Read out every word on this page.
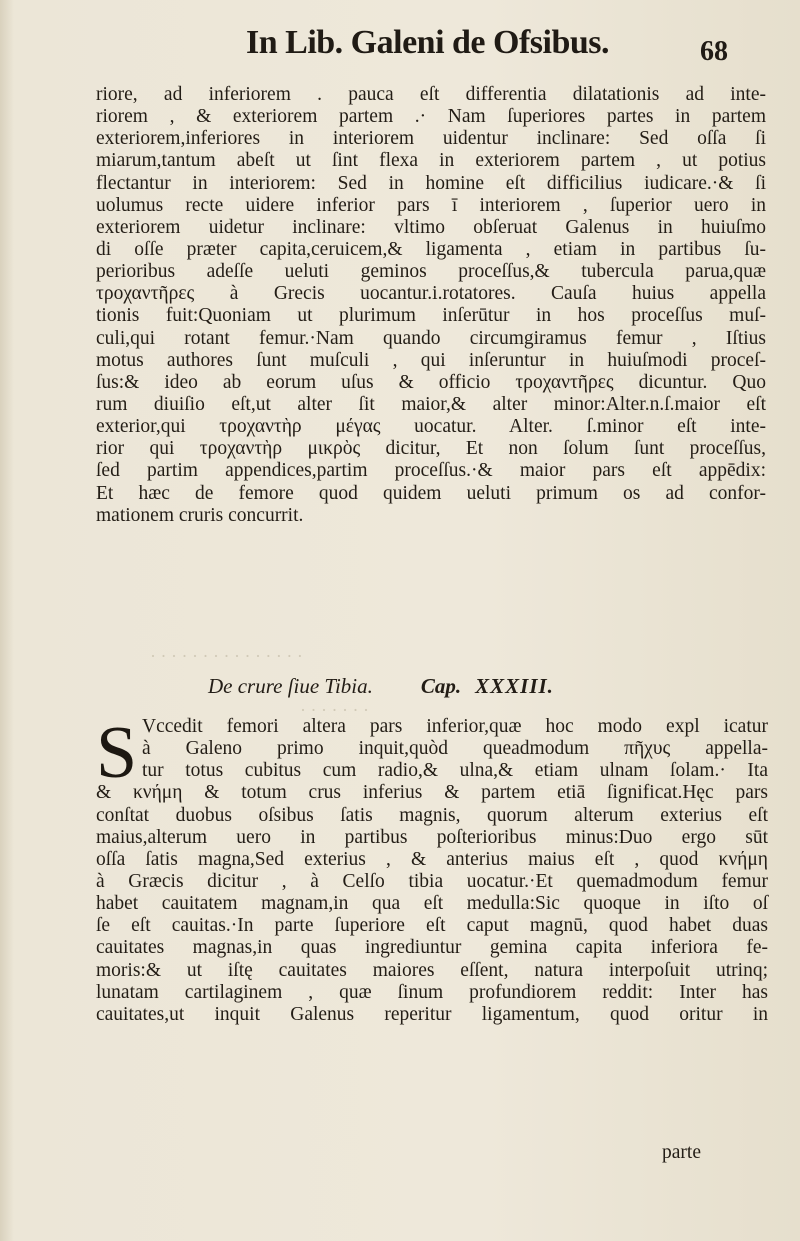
In Lib. Galeni de Ofsibus.	68
riore, ad inferiorem . pauca eſt differentia dilatationis ad inte-
riorem , & exteriorem partem .· Nam ſuperiores partes in partem
exteriorem,inferiores in interiorem uidentur inclinare: Sed oſſa ſi
miarum,tantum abeſt ut ſint flexa in exteriorem partem , ut potius
flectantur in interiorem: Sed in homine eſt difficilius iudicare.·& ſi
uolumus recte uidere inferior pars ī interiorem , ſuperior uero in
exteriorem uidetur inclinare: vltimo obſeruat Galenus in huiuſmo
di oſſe præter capita,ceruicem,& ligamenta , etiam in partibus ſu-
perioribus adeſſe ueluti geminos proceſſus,& tubercula parua,quæ
τροχαντῆρες à Grecis uocantur.i.rotatores. Cauſa huius appella
tionis fuit:Quoniam ut plurimum inſerūtur in hos proceſſus muſ-
culi,qui rotant femur.·Nam quando circumgiramus femur , Iſtius
motus authores ſunt muſculi , qui inſeruntur in huiuſmodi proceſ-
ſus:& ideo ab eorum uſus & officio τροχαντῆρες dicuntur. Quo
rum diuiſio eſt,ut alter ſit maior,& alter minor:Alter.n.ſ.maior eſt
exterior,qui τροχαντὴρ μέγας uocatur. Alter. ſ.minor eſt inte-
rior qui τροχαντὴρ μικρὸς dicitur, Et non ſolum ſunt proceſſus,
ſed partim appendices,partim proceſſus.·& maior pars eſt appēdix:
Et hæc de femore quod quidem ueluti primum os ad confor-
mationem cruris concurrit.
· · · · · · · · · · · · · · ·
· · · · · · ·
De crure ſiue Tibia. Cap. XXXIII.
S Vccedit femori altera pars inferior,quæ hoc modo expl icatur
à Galeno primo inquit,quòd queadmodum πῆχυς appella-
tur totus cubitus cum radio,& ulna,& etiam ulnam ſolam.· Ita
& κνήμη & totum crus inferius & partem etiā ſignificat.Hęc pars
conſtat duobus oſsibus ſatis magnis, quorum alterum exterius eſt
maius,alterum uero in partibus poſterioribus minus:Duo ergo sūt
oſſa ſatis magna,Sed exterius , & anterius maius eſt , quod κνήμη
à Græcis dicitur , à Celſo tibia uocatur.·Et quemadmodum femur
habet cauitatem magnam,in qua eſt medulla:Sic quoque in iſto oſ
ſe eſt cauitas.·In parte ſuperiore eſt caput magnū, quod habet duas
cauitates magnas,in quas ingrediuntur gemina capita inferiora fe-
moris:& ut iſtę cauitates maiores eſſent, natura interpoſuit utrinq;
lunatam cartilaginem , quæ ſinum profundiorem reddit: Inter has
cauitates,ut inquit Galenus reperitur ligamentum, quod oritur in
parte
